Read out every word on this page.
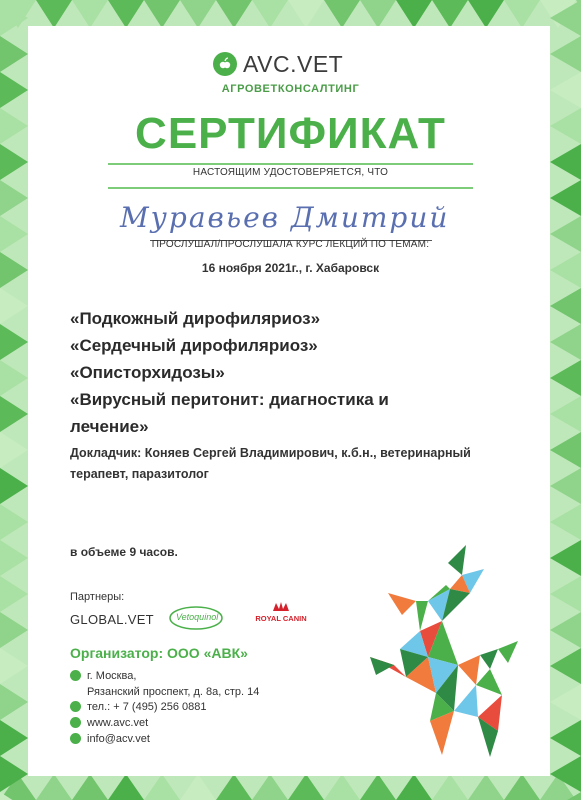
AVC.VET
АГРОВЕТКОНСАЛТИНГ
СЕРТИФИКАТ
НАСТОЯЩИМ УДОСТОВЕРЯЕТСЯ, ЧТО
Муравьев Дмитрий
ПРОСЛУШАЛ/ПРОСЛУШАЛА КУРС ЛЕКЦИЙ ПО ТЕМАМ:
16 ноября 2021г., г. Хабаровск
«Подкожный дирофиляриоз»
«Сердечный дирофиляриоз»
«Описторхидозы»
«Вирусный перитонит: диагностика и лечение»
Докладчик: Коняев Сергей Владимирович, к.б.н., ветеринарный терапевт, паразитолог
в объеме 9 часов.
Партнеры:
GLOBAL.VET Vetoquinol	ROYAL CANIN
Организатор: ООО «АВК»
г. Москва,
Рязанский проспект, д. 8а, стр. 14
тел.: + 7 (495) 256 0881
www.avc.vet
info@acv.vet
